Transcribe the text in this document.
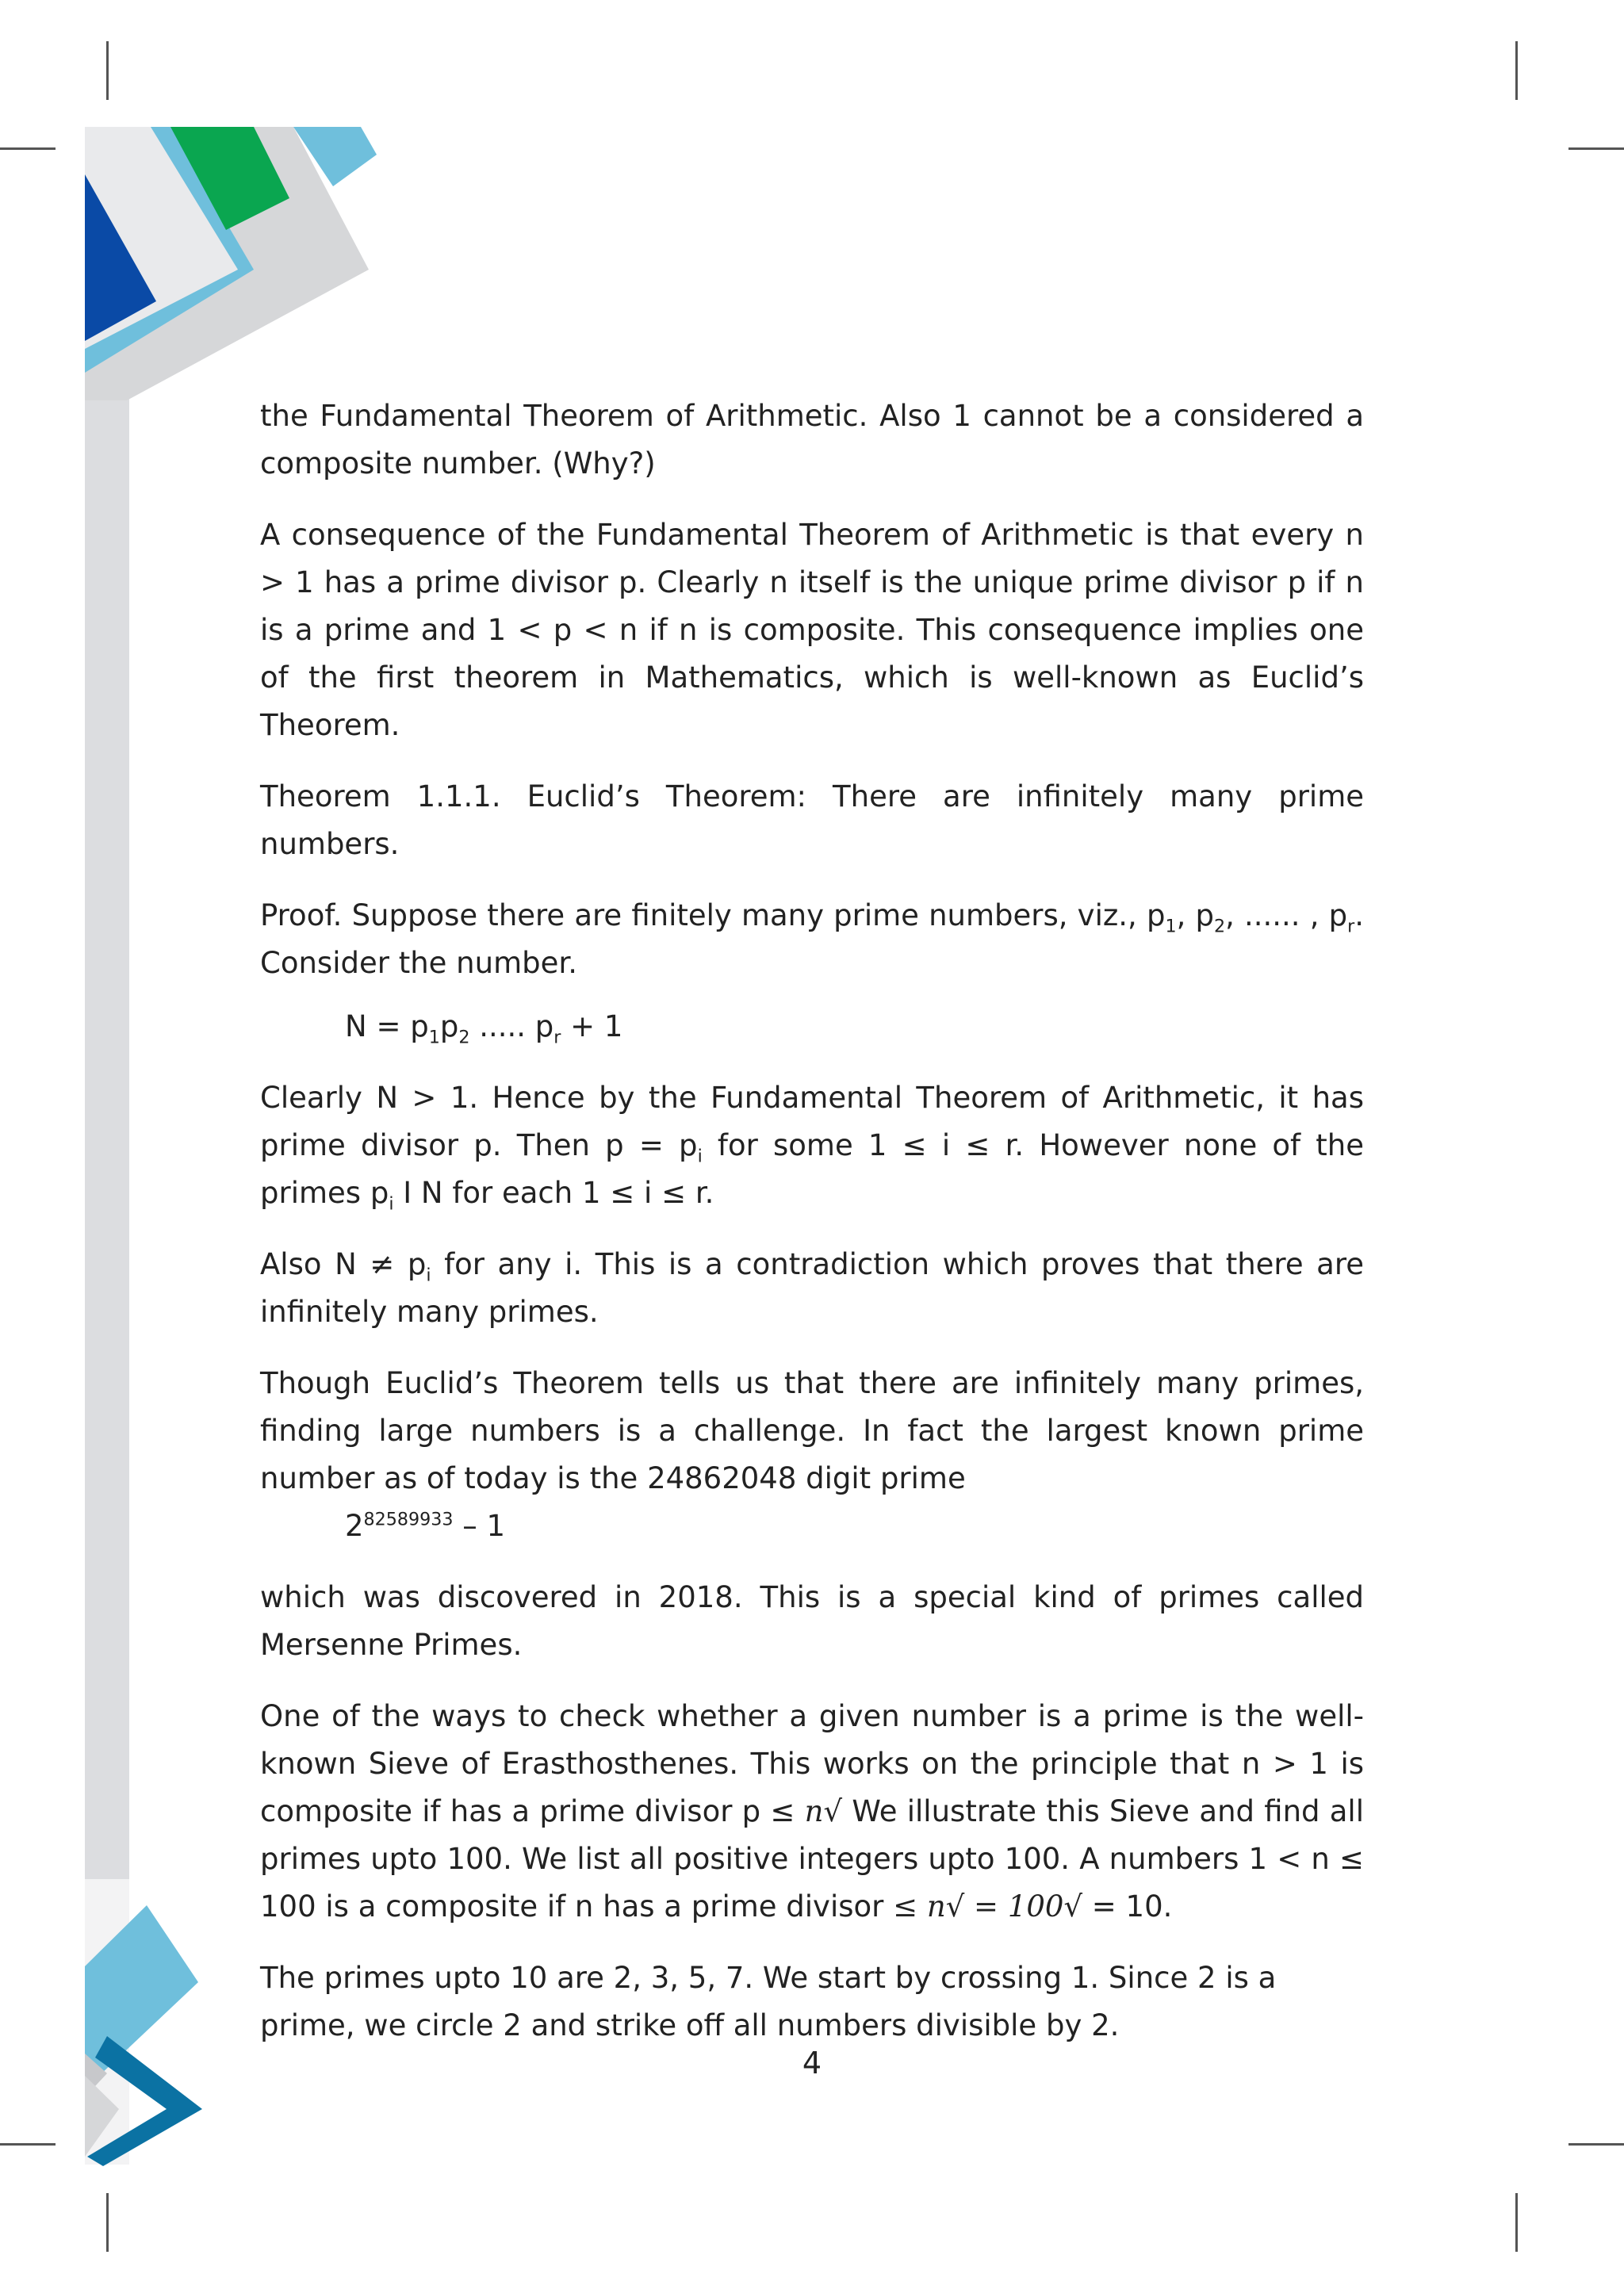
the Fundamental Theorem of Arithmetic. Also 1 cannot be a considered a composite number. (Why?)

A consequence of the Fundamental Theorem of Arithmetic is that every n > 1 has a prime divisor p. Clearly n itself is the unique prime divisor p if n is a prime and 1 < p < n if n is composite. This consequence implies one of the first theorem in Mathematics, which is well-known as Euclid’s Theorem.

Theorem 1.1.1. Euclid’s Theorem: There are infinitely many prime numbers.

Proof. Suppose there are finitely many prime numbers, viz., $p_1$, $p_2$, ...... , $p_r$. Consider the number.

$N = p_1p_2$ ..... $p_r + 1$

Clearly N > 1. Hence by the Fundamental Theorem of Arithmetic, it has prime divisor p. Then $p = p_i$ for some 1 ≤ i ≤ r. However none of the primes $p_i$ I N for each 1 ≤ i ≤ r.

Also $N \ne p_i$ for any i. This is a contradiction which proves that there are infinitely many primes.

Though Euclid’s Theorem tells us that there are infinitely many primes, finding large numbers is a challenge. In fact the largest known prime number as of today is the 24862048 digit prime

$2^{82589933} - 1$

which was discovered in 2018. This is a special kind of primes called Mersenne Primes.

One of the ways to check whether a given number is a prime is the well-known Sieve of Erasthosthenes. This works on the principle that n > 1 is composite if has a prime divisor p ≤ n√ We illustrate this Sieve and find all primes upto 100. We list all positive integers upto 100. A numbers 1 < n ≤ 100 is a composite if n has a prime divisor ≤ n√ = 100√ = 10.

The primes upto 10 are 2, 3, 5, 7. We start by crossing 1. Since 2 is a prime, we circle 2 and strike off all numbers divisible by 2.

4
